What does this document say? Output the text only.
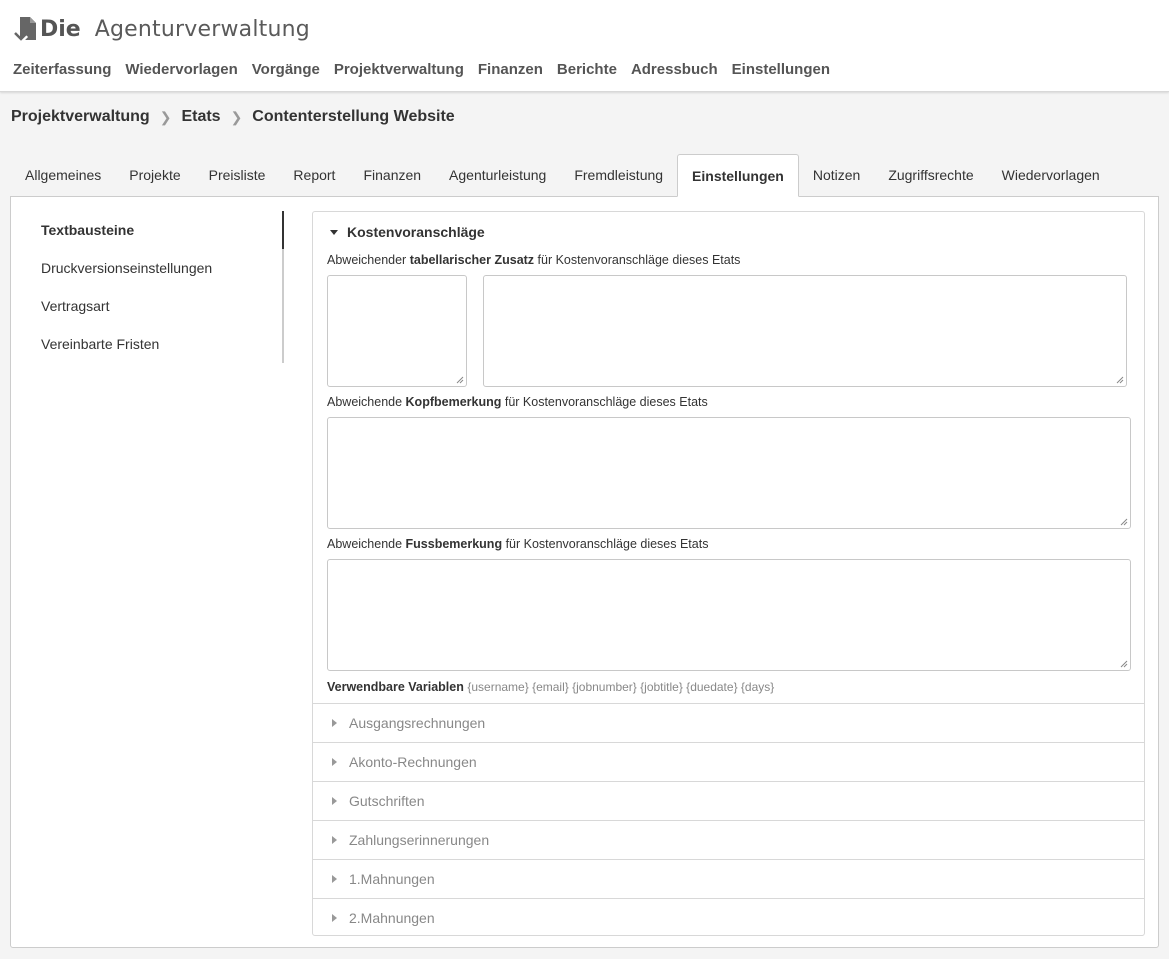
Die Agenturverwaltung
Zeiterfassung Wiedervorlagen Vorgänge Projektverwaltung Finanzen Berichte Adressbuch Einstellungen
Projektverwaltung ❯ Etats ❯ Contenterstellung Website
Allgemeines	Projekte	Preisliste	Report	Finanzen	Agenturleistung	Fremdleistung	Einstellungen	Notizen	Zugriffsrechte	Wiedervorlagen
Textbausteine
Druckversionseinstellungen
Vertragsart
Vereinbarte Fristen
Kostenvoranschläge
Abweichender tabellarischer Zusatz für Kostenvoranschläge dieses Etats
Abweichende Kopfbemerkung für Kostenvoranschläge dieses Etats
Abweichende Fussbemerkung für Kostenvoranschläge dieses Etats
Verwendbare Variablen {username} {email} {jobnumber} {jobtitle} {duedate} {days}
Ausgangsrechnungen
Akonto-Rechnungen
Gutschriften
Zahlungserinnerungen
1.Mahnungen
2.Mahnungen
